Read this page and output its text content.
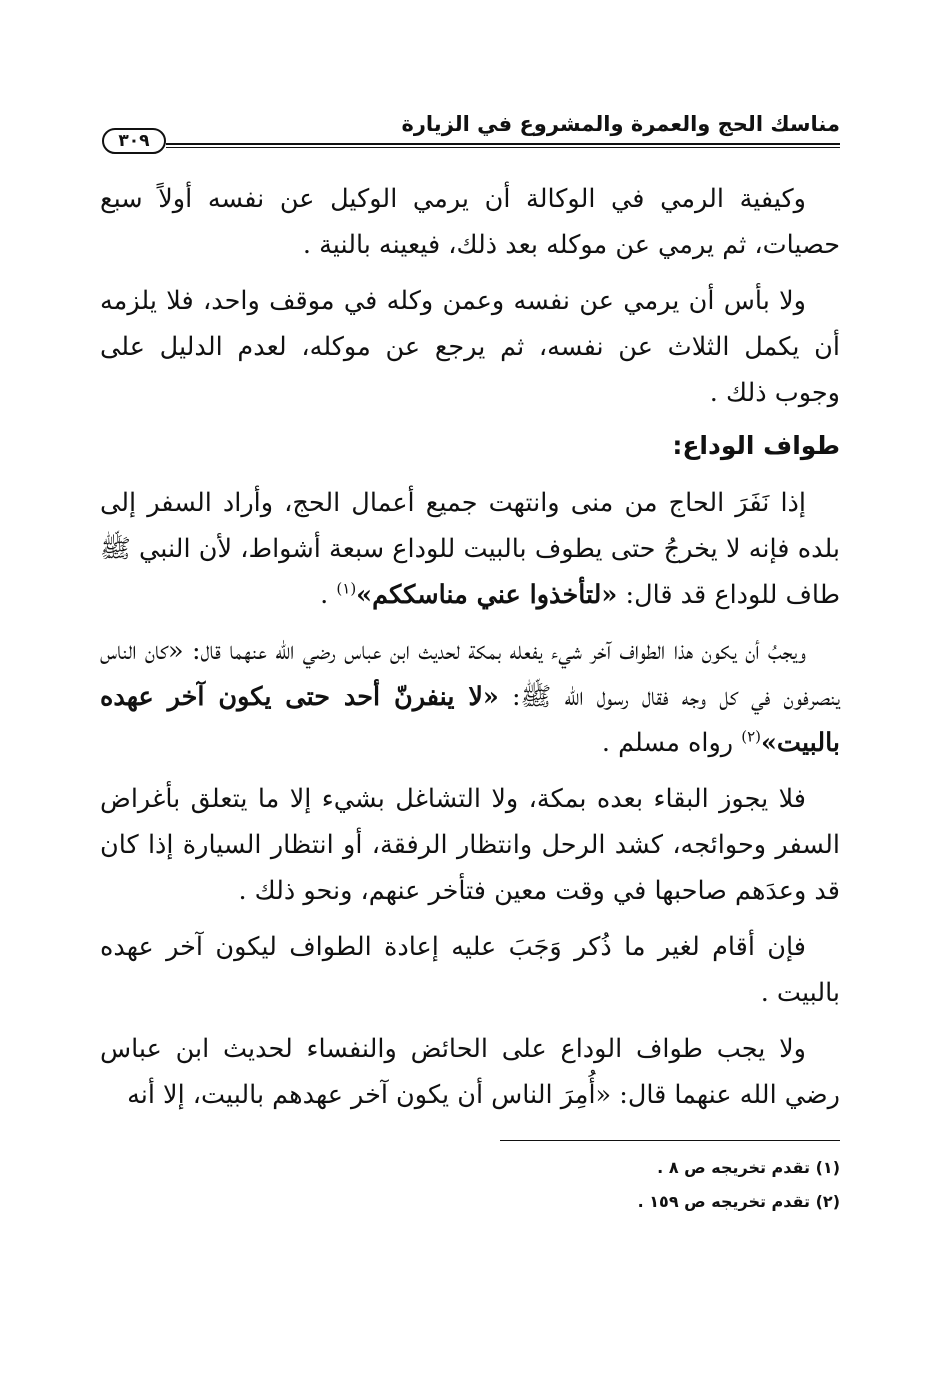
مناسك الحج والعمرة والمشروع في الزيارة
٣٠٩

وكيفية الرمي في الوكالة أن يرمي الوكيل عن نفسه أولاً سبع حصيات، ثم يرمي عن موكله بعد ذلك، فيعينه بالنية .

ولا بأس أن يرمي عن نفسه وعمن وكله في موقف واحد، فلا يلزمه أن يكمل الثلاث عن نفسه، ثم يرجع عن موكله، لعدم الدليل على وجوب ذلك .

طواف الوداع:

إذا نَفَرَ الحاج من منى وانتهت جميع أعمال الحج، وأراد السفر إلى بلده فإنه لا يخرجُ حتى يطوف بالبيت للوداع سبعة أشواط، لأن النبي ﷺ طاف للوداع قد قال: «لتأخذوا عني مناسككم»$^{(١)}$ .

ويجبُ أن يكون هذا الطواف آخر شيء يفعله بمكة لحديث ابن عباس رضي الله عنهما قال: «كان الناس ينصرفون في كل وجه فقال رسول الله ﷺ: «لا ينفرنّ أحد حتى يكون آخر عهده بالبيت»$^{(٢)}$ رواه مسلم .

فلا يجوز البقاء بعده بمكة، ولا التشاغل بشيء إلا ما يتعلق بأغراض السفر وحوائجه، كشد الرحل وانتظار الرفقة، أو انتظار السيارة إذا كان قد وعدَهم صاحبها في وقت معين فتأخر عنهم، ونحو ذلك .

فإن أقام لغير ما ذُكر وَجَبَ عليه إعادة الطواف ليكون آخر عهده بالبيت .

ولا يجب طواف الوداع على الحائض والنفساء لحديث ابن عباس رضي الله عنهما قال: «أُمِرَ الناس أن يكون آخر عهدهم بالبيت، إلا أنه

(١) تقدم تخريجه ص ٨ .
(٢) تقدم تخريجه ص ١٥٩ .
